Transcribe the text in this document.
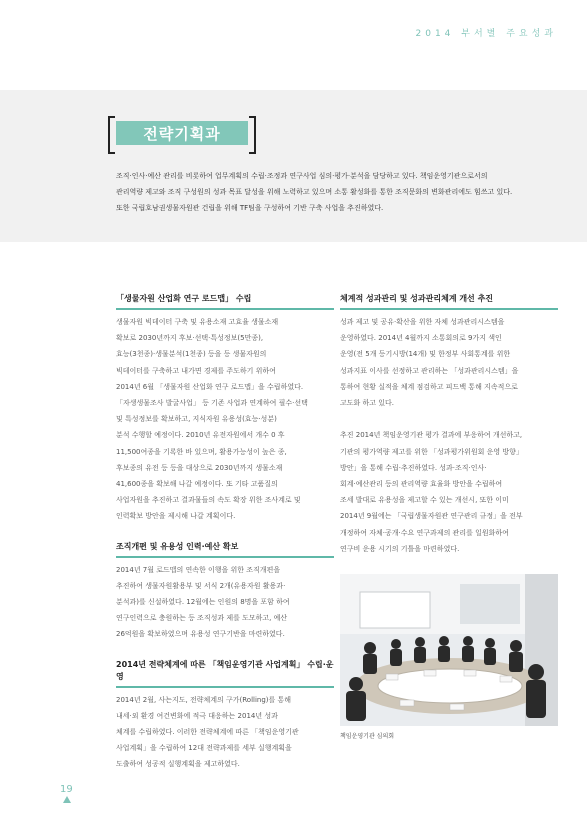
2014 부서별 주요성과
전략기획과

조직·인사·예산 관리를 비롯하여 업무계획의 수립·조정과 연구사업 심의·평가·분석을 담당하고 있다. 책임운영기관으로서의

관리역량 제고와 조직 구성원의 성과 목표 달성을 위해 노력하고 있으며 소통 활성화를 통한 조직문화의 변화관리에도 힘쓰고 있다.

또한 국립호남권생물자원관 건립을 위해 TF팀을 구성하여 기반 구축 사업을 추진하였다.

「생물자원 산업화 연구 로드맵」 수립
생물자원 빅데이터 구축 및 유용소재 고효율 생물소재
확보로 2030년까지 후보·선택·특성정보(5만종),
효능(3천종)·생물분석(1천종) 등을 등 생물자원의
빅데이터를 구축하고 내가면 경제를 주도하기 위하여
2014년 6월 「생물자원 산업화 연구 로드맵」을 수립하였다.
「자생생물조사 발굴사업」 등 기존 사업과 연계하여 필수·선택
및 특성정보를 확보하고, 지식자원 유용성(효능·성분)
분석 수행할 예정이다. 2010년 유전자원에서 개수 0 후
11,500여종을 기록한 바 있으며, 활용가능성이 높은 종,
후보종의 유전 등 등을 대상으로 2030년까지 생물소재
41,600종을 확보해 나갈 예정이다. 또 기타 고품질의
사업자원을 추진하고 결과물들의 속도 확장 위한 조사계로 및
인력확보 방안을 제시해 나갈 계획이다.
조직개편 및 유용성 인력·예산 확보
2014년 7월 로드맵의 연속한 이행을 위한 조직개편을
추진하여 생물자원활용부 및 서식 2개(유용자원 활용과·
분석과)를 신설하였다. 12월에는 인원의 8명을 포함 하여
연구인력으로 충원하는 등 조직성과 제를 도모하고, 예산
26억원을 확보하였으며 유용성 연구기반을 마련하였다.
2014년 전략체계에 따른 「책임운영기관 사업계획」 수립·운영
2014년 2월, 사는지도, 전략체계의 구가(Rolling)를 통해
내세·외 환경 여건변화에 적극 대응하는 2014년 성과
체계를 수립하였다. 이러한 전략체계에 따른 「책임운영기관
사업계획」을 수립하여 12대 전략과제를 세부 실행계획을
도출하여 성공적 실행계획을 제고하였다.
체계적 성과관리 및 성과관리체계 개선 추진
성과 제고 및 공유·확산을 위한 자체 성과관리시스템을
운영하였다. 2014년 4월까지 소통회의로 9가지 색인
운영(전 5개 등기시방(14개) 및 한정부 사회통계를 위한
성과지표 이사를 선정하고 관리하는 「성과관리시스템」을
통하여 현황 실적을 체계 점검하고 피드백 통해 지속적으로
고도화 하고 있다.

추진 2014년 책임운영기관 평가 결과에 부응하여 개선하고,
기관의 평가역량 제고를 위한 「성과평가위원회 운영 방향」
방안」을 통해 수립·추진하였다. 성과·조직·인사·
회계·예산관리 등의 관리역량 효율화 방안을 수립하여
조세 발대로 유용성을 제고할 수 있는 개선시, 또한 이미
2014년 9월에는 「국립생물자원관 연구관리 규정」을 전부
개정하여 자체·공개·수요 연구과제의 관리를 일원화하여
연구비 운용 시기의 기틀을 마련하였다.
책임운영기관 심의회
19
